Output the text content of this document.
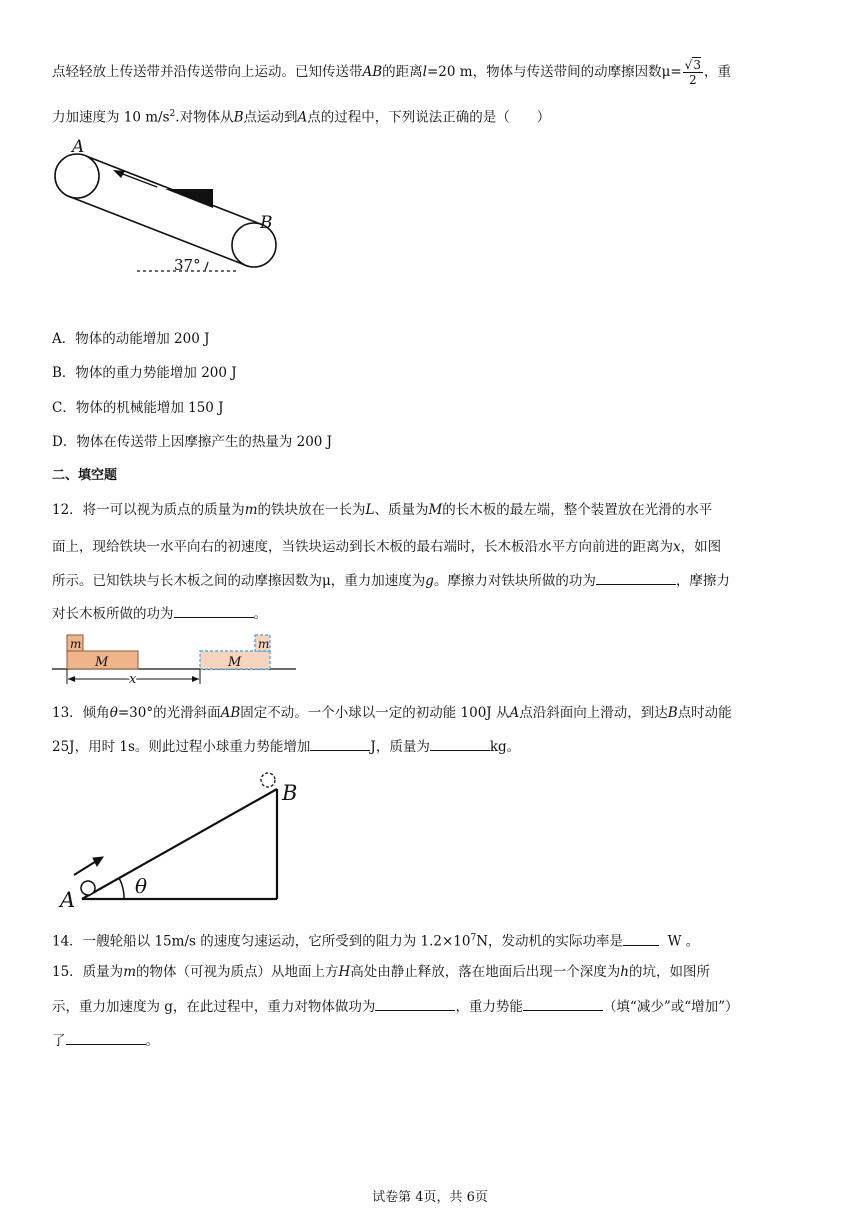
点轻轻放上传送带并沿传送带向上运动。已知传送带AB的距离l=20 m，物体与传送带间的动摩擦因数$\mu= \frac{√3}{2}$ ，重
力加速度为 10 $m/s^2$.对物体从B点运动到A点的过程中，下列说法正确的是（　　）
A
B
37°
m
M
m
M
x
A
B
θ
A．物体的动能增加 200 J
B．物体的重力势能增加 200 J
C．物体的机械能增加 150 J
D．物体在传送带上因摩擦产生的热量为 200 J
二、填空题
12．将一可以视为质点的质量为m的铁块放在一长为L、质量为M的长木板的最左端，整个装置放在光滑的水平
面上，现给铁块一水平向右的初速度，当铁块运动到长木板的最右端时，长木板沿水平方向前进的距离为x，如图
所示。已知铁块与长木板之间的动摩擦因数为μ，重力加速度为g。摩擦力对铁块所做的功为	，摩擦力
对长木板所做的功为	。
13．倾角θ=30°的光滑斜面AB固定不动。一个小球以一定的初动能 100J 从A点沿斜面向上滑动，到达B点时动能
25J，用时 1s。则此过程小球重力势能增加	J，质量为	kg。
14．一艘轮船以 15m/s 的速度匀速运动，它所受到的阻力为 $1.2\times 10^7N$，发动机的实际功率是	W 。
15．质量为m的物体（可视为质点）从地面上方H高处由静止释放，落在地面后出现一个深度为h的坑，如图所
示，重力加速度为 g，在此过程中，重力对物体做功为	，重力势能	（填“减少”或“增加”）
了	。
试卷第 4页，共 6页
